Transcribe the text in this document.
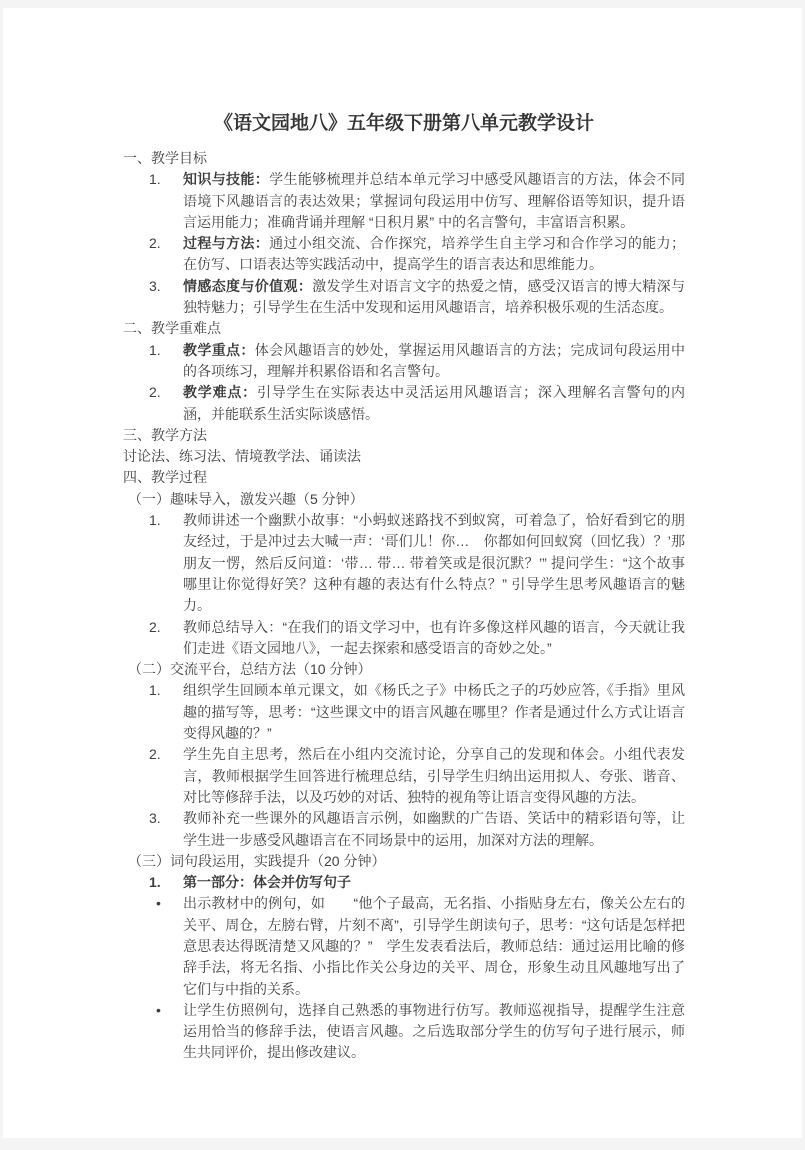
《语文园地八》五年级下册第八单元教学设计
一、教学目标
1. 知识与技能：学生能够梳理并总结本单元学习中感受风趣语言的方法，体会不同语境下风趣语言的表达效果；掌握词句段运用中仿写、理解俗语等知识，提升语言运用能力；准确背诵并理解 “日积月累” 中的名言警句，丰富语言积累。
2. 过程与方法：通过小组交流、合作探究，培养学生自主学习和合作学习的能力；在仿写、口语表达等实践活动中，提高学生的语言表达和思维能力。
3. 情感态度与价值观：激发学生对语言文字的热爱之情，感受汉语言的博大精深与独特魅力；引导学生在生活中发现和运用风趣语言，培养积极乐观的生活态度。
二、教学重难点
1. 教学重点：体会风趣语言的妙处，掌握运用风趣语言的方法；完成词句段运用中的各项练习，理解并积累俗语和名言警句。
2. 教学难点：引导学生在实际表达中灵活运用风趣语言；深入理解名言警句的内涵，并能联系生活实际谈感悟。
三、教学方法
讨论法、练习法、情境教学法、诵读法
四、教学过程
（一）趣味导入，激发兴趣（5 分钟）
1. 教师讲述一个幽默小故事：“小蚂蚁迷路找不到蚁窝，可着急了，恰好看到它的朋友经过，于是冲过去大喊一声：‘哥们儿！你…　你都如何回蚁窝（回忆我）？’那朋友一愣，然后反问道：‘带… 带… 带着笑或是很沉默？’” 提问学生：“这个故事哪里让你觉得好笑？这种有趣的表达有什么特点？” 引导学生思考风趣语言的魅力。
2. 教师总结导入：“在我们的语文学习中，也有许多像这样风趣的语言，今天就让我们走进《语文园地八》，一起去探索和感受语言的奇妙之处。”
（二）交流平台，总结方法（10 分钟）
1. 组织学生回顾本单元课文，如《杨氏之子》中杨氏之子的巧妙应答,《手指》里风趣的描写等，思考：“这些课文中的语言风趣在哪里？作者是通过什么方式让语言变得风趣的？”
2. 学生先自主思考，然后在小组内交流讨论，分享自己的发现和体会。小组代表发言，教师根据学生回答进行梳理总结，引导学生归纳出运用拟人、夸张、谐音、对比等修辞手法，以及巧妙的对话、独特的视角等让语言变得风趣的方法。
3. 教师补充一些课外的风趣语言示例，如幽默的广告语、笑话中的精彩语句等，让学生进一步感受风趣语言在不同场景中的运用，加深对方法的理解。
（三）词句段运用，实践提升（20 分钟）
1. 第一部分：体会并仿写句子
• 出示教材中的例句，如　　“他个子最高，无名指、小指贴身左右，像关公左右的关平、周仓，左膀右臂，片刻不离”，引导学生朗读句子，思考：“这句话是怎样把意思表达得既清楚又风趣的？”　学生发表看法后，教师总结：通过运用比喻的修辞手法，将无名指、小指比作关公身边的关平、周仓，形象生动且风趣地写出了它们与中指的关系。
• 让学生仿照例句，选择自己熟悉的事物进行仿写。教师巡视指导，提醒学生注意运用恰当的修辞手法，使语言风趣。之后选取部分学生的仿写句子进行展示，师生共同评价，提出修改建议。
